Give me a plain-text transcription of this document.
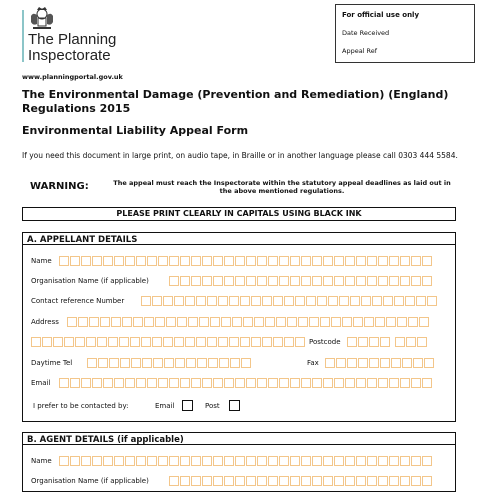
The Planning
Inspectorate
www.planningportal.gov.uk
For official use only
Date Received
Appeal Ref
The Environmental Damage (Prevention and Remediation) (England) Regulations 2015
Environmental Liability Appeal Form
If you need this document in large print, on audio tape, in Braille or in another language please call 0303 444 5584.
WARNING:	The appeal must reach the Inspectorate within the statutory appeal deadlines as laid out in the above mentioned regulations.
PLEASE PRINT CLEARLY IN CAPITALS USING BLACK INK
A. APPELLANT DETAILS
Name
Organisation Name (if applicable)
Contact reference Number
Address
Postcode
Daytime Tel	Fax
Email
I prefer to be contacted by:	Email	Post
B. AGENT DETAILS (if applicable)
Name
Organisation Name (if applicable)
